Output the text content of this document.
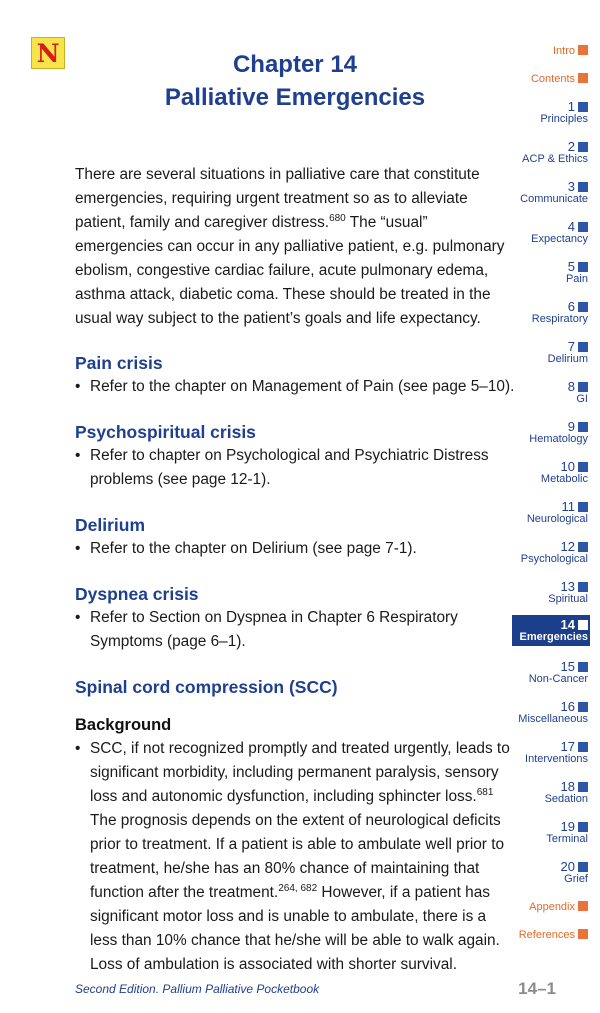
N	Chapter 14
Palliative Emergencies

There are several situations in palliative care that constitute emergencies, requiring urgent treatment so as to alleviate patient, family and caregiver distress.$^{680}$ The “usual” emergencies can occur in any palliative patient, e.g. pulmonary ebolism, congestive cardiac failure, acute pulmonary edema, asthma attack, diabetic coma. These should be treated in the usual way subject to the patient’s goals and life expectancy.

Pain crisis
• Refer to the chapter on Management of Pain (see page 5–10).
Psychospiritual crisis
• Refer to chapter on Psychological and Psychiatric Distress problems (see page 12-1).
Delirium
• Refer to the chapter on Delirium (see page 7-1).
Dyspnea crisis
• Refer to Section on Dyspnea in Chapter 6 Respiratory Symptoms (page 6–1).
Spinal cord compression (SCC)
Background
• SCC, if not recognized promptly and treated urgently, leads to significant morbidity, including permanent paralysis, sensory loss and autonomic dysfunction, including sphincter loss.$^{681}$ The prognosis depends on the extent of neurological deficits prior to treatment. If a patient is able to ambulate well prior to treatment, he/she has an 80% chance of maintaining that function after the treatment.$^{264, 682}$ However, if a patient has significant motor loss and is unable to ambulate, there is a less than 10% chance that he/she will be able to walk again. Loss of ambulation is associated with shorter survival.
Second Edition. Pallium Palliative Pocketbook	14–1
Intro
Contents
1
Principles
2
ACP & Ethics
3
Communicate
4
Expectancy
5
Pain
6
Respiratory
7
Delirium
8
GI
9
Hematology
10
Metabolic
11
Neurological
12
Psychological
13
Spiritual
14
Emergencies
15
Non-Cancer
16
Miscellaneous
17
Interventions
18
Sedation
19
Terminal
20
Grief
Appendix
References
